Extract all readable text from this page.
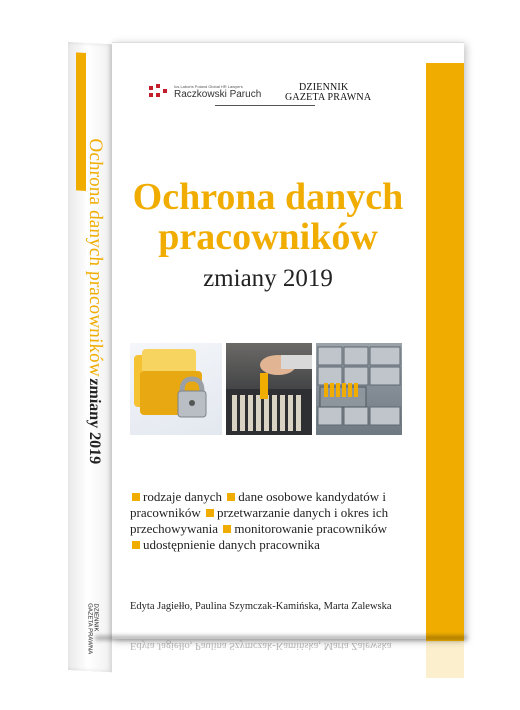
Ochrona danych pracowników
zmiany 2019
DZIENNIK
GAZETA PRAWNA
Ius Laboris Poland Global HR Lawyers
Raczkowski Paruch
DZIENNIK
GAZETA PRAWNA
Ochrona danych
pracowników
zmiany 2019
rodzaje danych dane osobowe kandydatów i pracowników przetwarzanie danych i okres ich przechowywania monitorowanie pracowników udostępnienie danych pracownika
Edyta Jagiełło, Paulina Szymczak-Kamińska, Marta Zalewska
Edyta Jagiełło, Paulina Szymczak-Kamińska, Marta Zalewska
